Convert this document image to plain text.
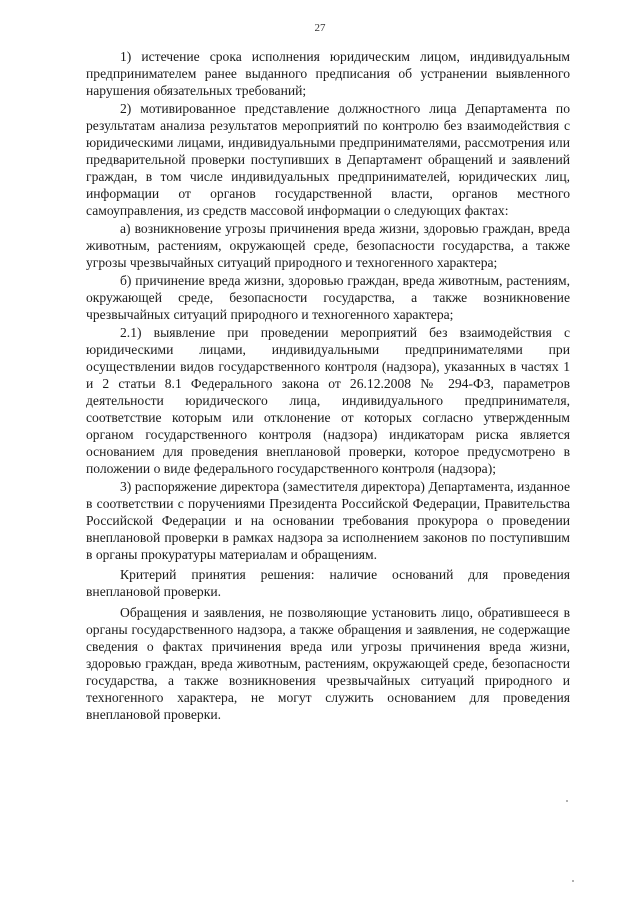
27

1) истечение срока исполнения юридическим лицом, индивидуальным предпринимателем ранее выданного предписания об устранении выявленного нарушения обязательных требований;

2) мотивированное представление должностного лица Департамента по результатам анализа результатов мероприятий по контролю без взаимодействия с юридическими лицами, индивидуальными предпринимателями, рассмотрения или предварительной проверки поступивших в Департамент обращений и заявлений граждан, в том числе индивидуальных предпринимателей, юридических лиц, информации от органов государственной власти, органов местного самоуправления, из средств массовой информации о следующих фактах:

а) возникновение угрозы причинения вреда жизни, здоровью граждан, вреда животным, растениям, окружающей среде, безопасности государства, а также угрозы чрезвычайных ситуаций природного и техногенного характера;

б) причинение вреда жизни, здоровью граждан, вреда животным, растениям, окружающей среде, безопасности государства, а также возникновение чрезвычайных ситуаций природного и техногенного характера;

2.1) выявление при проведении мероприятий без взаимодействия с юридическими лицами, индивидуальными предпринимателями при осуществлении видов государственного контроля (надзора), указанных в частях 1 и 2 статьи 8.1 Федерального закона от 26.12.2008 № 294-ФЗ, параметров деятельности юридического лица, индивидуального предпринимателя, соответствие которым или отклонение от которых согласно утвержденным органом государственного контроля (надзора) индикаторам риска является основанием для проведения внеплановой проверки, которое предусмотрено в положении о виде федерального государственного контроля (надзора);

3) распоряжение директора (заместителя директора) Департамента, изданное в соответствии с поручениями Президента Российской Федерации, Правительства Российской Федерации и на основании требования прокурора о проведении внеплановой проверки в рамках надзора за исполнением законов по поступившим в органы прокуратуры материалам и обращениям.

Критерий принятия решения: наличие оснований для проведения внеплановой проверки.

Обращения и заявления, не позволяющие установить лицо, обратившееся в органы государственного надзора, а также обращения и заявления, не содержащие сведения о фактах причинения вреда или угрозы причинения вреда жизни, здоровью граждан, вреда животным, растениям, окружающей среде, безопасности государства, а также возникновения чрезвычайных ситуаций природного и техногенного характера, не могут служить основанием для проведения внеплановой проверки.
